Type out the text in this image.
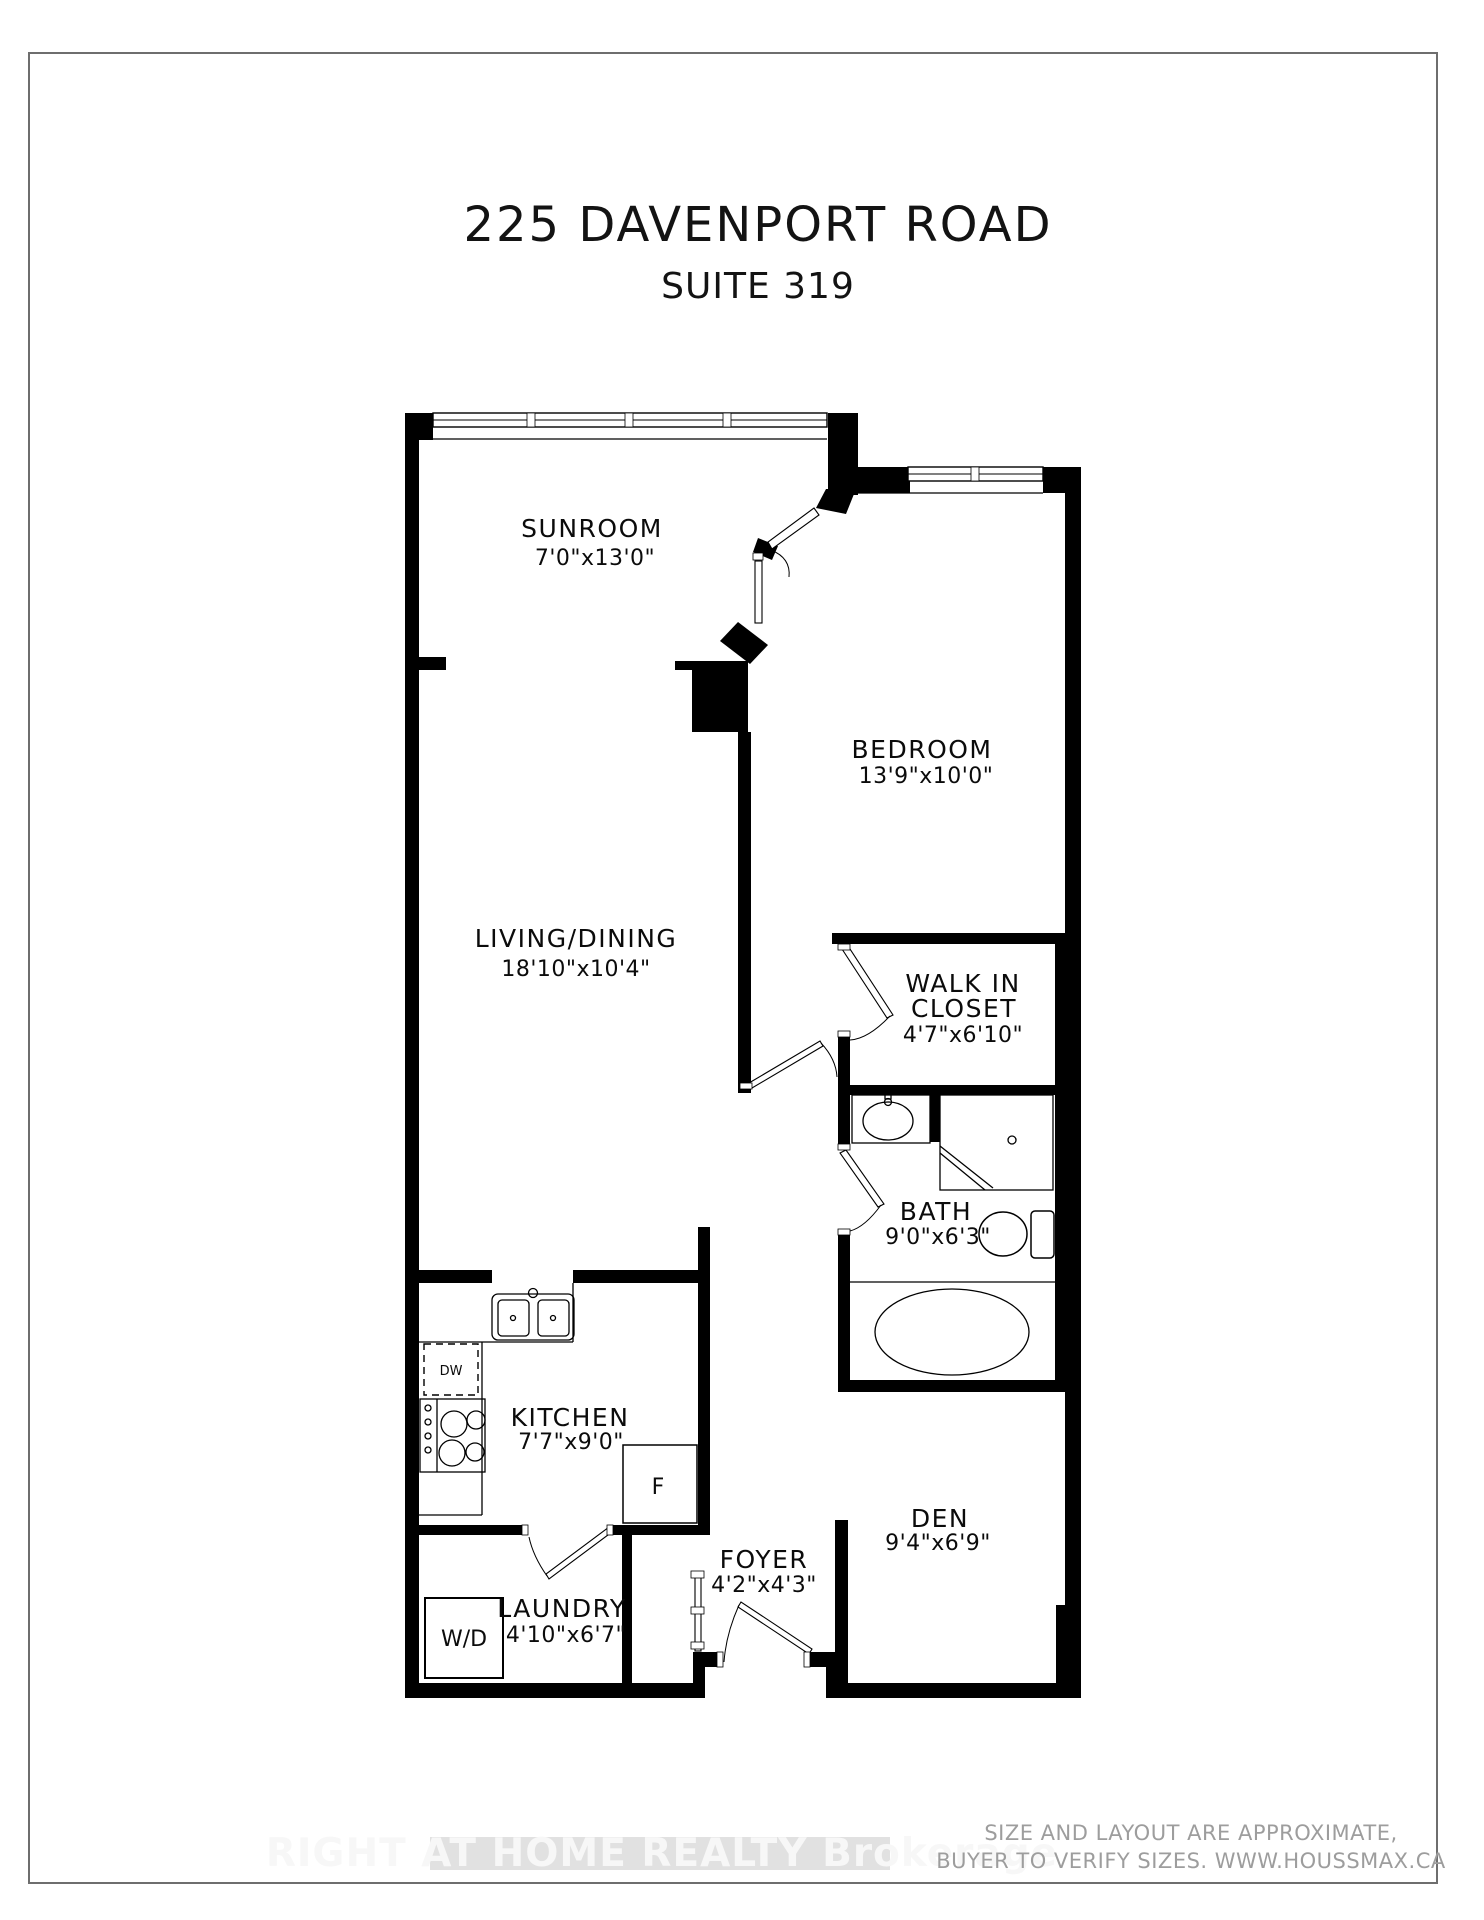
225 DAVENPORT ROAD
SUITE 319
DW
F
W/D
SUNROOM
7'0"x13'0"
LIVING/DINING
18'10"x10'4"
BEDROOM
13'9"x10'0"
WALK IN
CLOSET
4'7"x6'10"
BATH
9'0"x6'3"
KITCHEN
7'7"x9'0"
DEN
9'4"x6'9"
FOYER
4'2"x4'3"
LAUNDRY
4'10"x6'7"
RIGHT AT HOME REALTY Brokerage
SIZE AND LAYOUT ARE APPROXIMATE,
BUYER TO VERIFY SIZES. WWW.HOUSSMAX.CA
